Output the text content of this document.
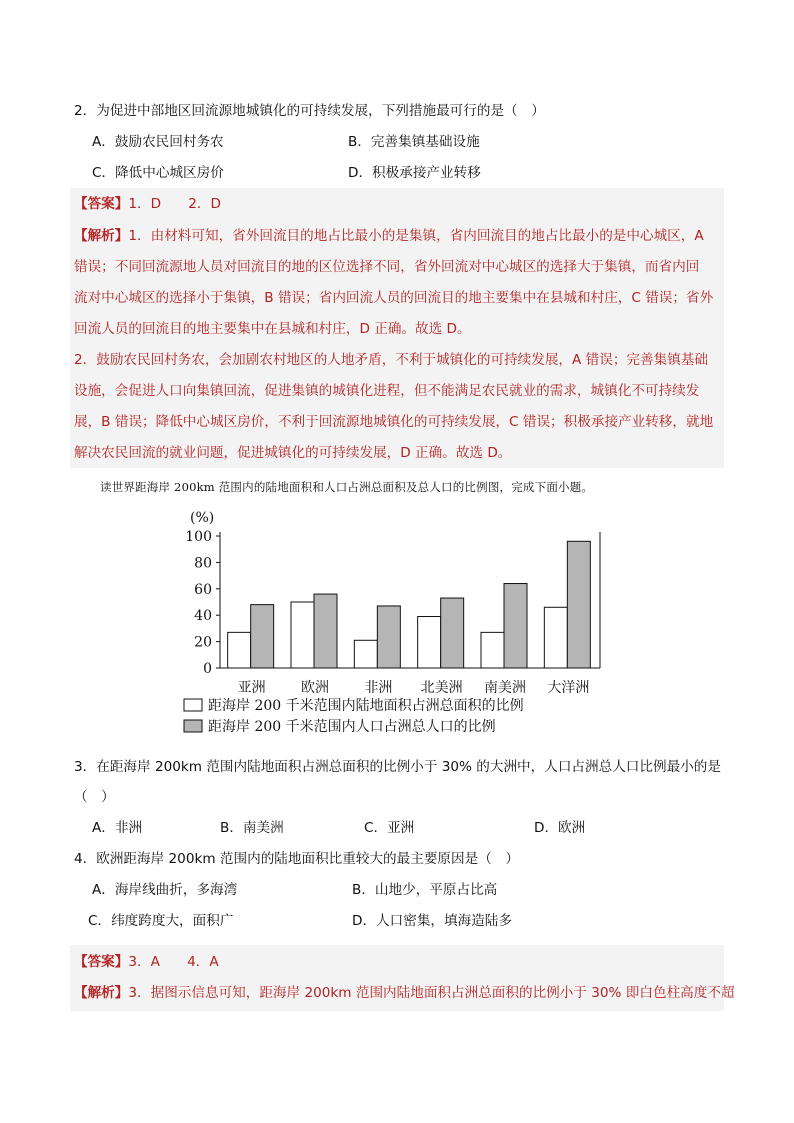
2．为促进中部地区回流源地城镇化的可持续发展，下列措施最可行的是（　）
A．鼓励农民回村务农	B．完善集镇基础设施
C．降低中心城区房价	D．积极承接产业转移
【答案】1．D　　2．D
【解析】1．由材料可知，省外回流目的地占比最小的是集镇，省内回流目的地占比最小的是中心城区，A
错误；不同回流源地人员对回流目的地的区位选择不同，省外回流对中心城区的选择大于集镇，而省内回
流对中心城区的选择小于集镇，B 错误；省内回流人员的回流目的地主要集中在县城和村庄，C 错误；省外
回流人员的回流目的地主要集中在县城和村庄，D 正确。故选 D。
2．鼓励农民回村务农，会加剧农村地区的人地矛盾，不利于城镇化的可持续发展，A 错误；完善集镇基础
设施，会促进人口向集镇回流，促进集镇的城镇化进程，但不能满足农民就业的需求，城镇化不可持续发
展，B 错误；降低中心城区房价，不利于回流源地城镇化的可持续发展，C 错误；积极承接产业转移，就地
解决农民回流的就业问题，促进城镇化的可持续发展，D 正确。故选 D。
读世界距海岸 200km 范围内的陆地面积和人口占洲总面积及总人口的比例图，完成下面小题。
(%)
100
80
60
40
20
0
亚洲	欧洲	非洲 北美洲 南美洲 大洋洲
距海岸 200 千米范围内陆地面积占洲总面积的比例
距海岸 200 千米范围内人口占洲总人口的比例
3．在距海岸 200km 范围内陆地面积占洲总面积的比例小于 30% 的大洲中，人口占洲总人口比例最小的是
（　）
A．非洲	B．南美洲	C．亚洲	D．欧洲
4．欧洲距海岸 200km 范围内的陆地面积比重较大的最主要原因是（　）
A．海岸线曲折，多海湾	B．山地少，平原占比高
C．纬度跨度大，面积广	D．人口密集，填海造陆多
【答案】3．A　　4．A
【解析】3．据图示信息可知，距海岸 200km 范围内陆地面积占洲总面积的比例小于 30% 即白色柱高度不超
